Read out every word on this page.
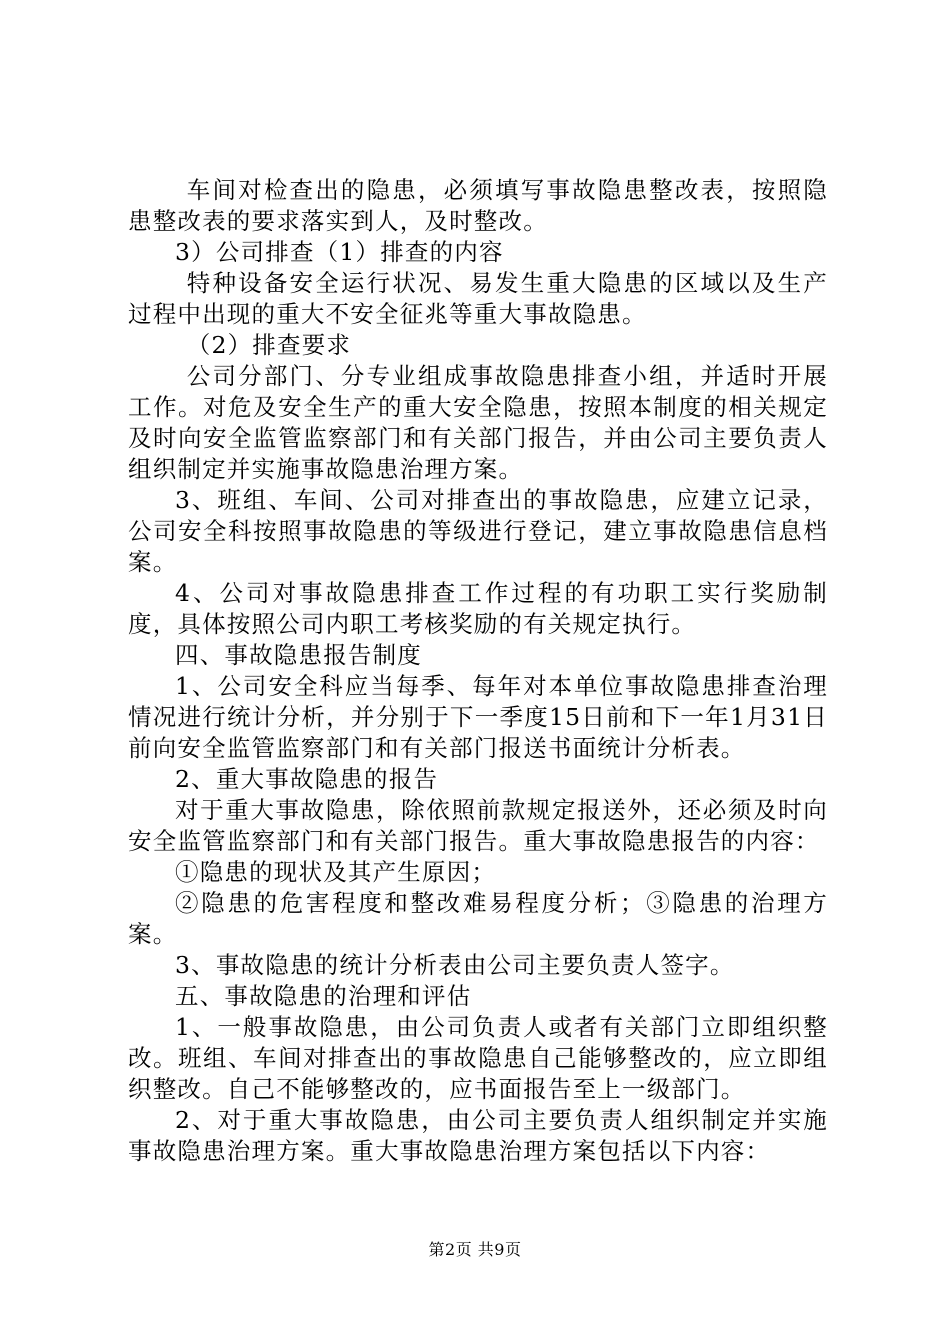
车间对检查出的隐患，必须填写事故隐患整改表，按照隐患整改表的要求落实到人，及时整改。

3）公司排查（1）排查的内容

特种设备安全运行状况、易发生重大隐患的区域以及生产过程中出现的重大不安全征兆等重大事故隐患。

（2）排查要求

公司分部门、分专业组成事故隐患排查小组，并适时开展工作。对危及安全生产的重大安全隐患，按照本制度的相关规定及时向安全监管监察部门和有关部门报告，并由公司主要负责人组织制定并实施事故隐患治理方案。

3、班组、车间、公司对排查出的事故隐患，应建立记录，公司安全科按照事故隐患的等级进行登记，建立事故隐患信息档案。

4、公司对事故隐患排查工作过程的有功职工实行奖励制度，具体按照公司内职工考核奖励的有关规定执行。

四、事故隐患报告制度

1、公司安全科应当每季、每年对本单位事故隐患排查治理情况进行统计分析，并分别于下一季度15日前和下一年1月31日前向安全监管监察部门和有关部门报送书面统计分析表。

2、重大事故隐患的报告

对于重大事故隐患，除依照前款规定报送外，还必须及时向安全监管监察部门和有关部门报告。重大事故隐患报告的内容：

①隐患的现状及其产生原因；

②隐患的危害程度和整改难易程度分析；③隐患的治理方案。

3、事故隐患的统计分析表由公司主要负责人签字。

五、事故隐患的治理和评估

1、一般事故隐患，由公司负责人或者有关部门立即组织整改。班组、车间对排查出的事故隐患自己能够整改的，应立即组织整改。自己不能够整改的，应书面报告至上一级部门。

2、对于重大事故隐患，由公司主要负责人组织制定并实施事故隐患治理方案。重大事故隐患治理方案包括以下内容：

第2页 共9页
